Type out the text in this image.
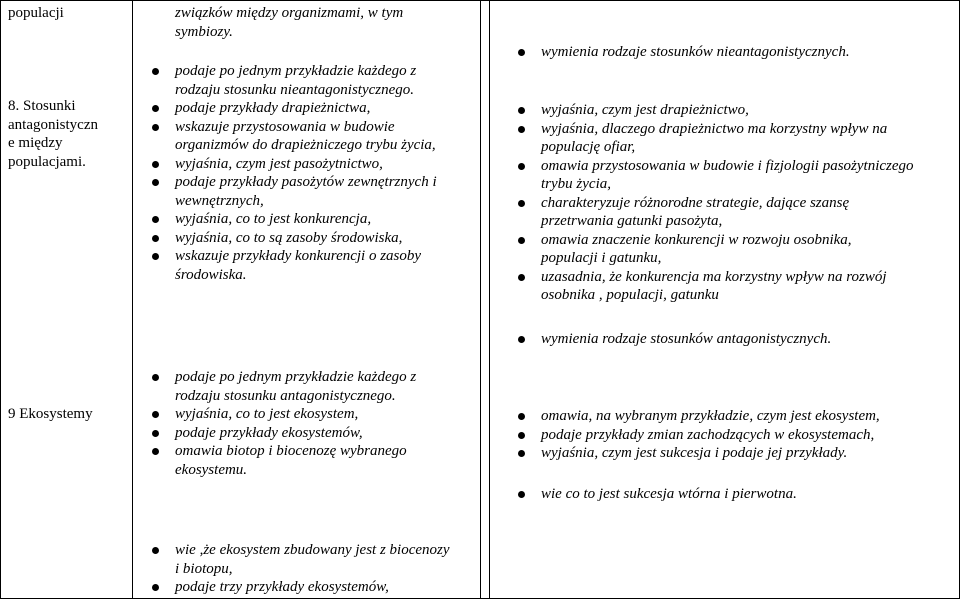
populacji
8. Stosunki
antagonistyczn
e między
populacjami.
9 Ekosystemy
związków między organizmami, w tym
symbiozy.
podaje po jednym przykładzie każdego z
rodzaju stosunku nieantagonistycznego.
podaje przykłady drapieżnictwa,
wskazuje przystosowania w budowie
organizmów do drapieżniczego trybu życia,
wyjaśnia, czym jest pasożytnictwo,
podaje przykłady pasożytów zewnętrznych i
wewnętrznych,
wyjaśnia, co to jest konkurencja,
wyjaśnia, co to są zasoby środowiska,
wskazuje przykłady konkurencji o zasoby
środowiska.
podaje po jednym przykładzie każdego z
rodzaju stosunku antagonistycznego.
wyjaśnia, co to jest ekosystem,
podaje przykłady ekosystemów,
omawia biotop i biocenozę wybranego
ekosystemu.
wie ,że ekosystem zbudowany jest z biocenozy
i biotopu,
podaje trzy przykłady ekosystemów,
wymienia rodzaje stosunków nieantagonistycznych.
wyjaśnia, czym jest drapieżnictwo,
wyjaśnia, dlaczego drapieżnictwo ma korzystny wpływ na
populację ofiar,
omawia przystosowania w budowie i fizjologii pasożytniczego
trybu życia,
charakteryzuje różnorodne strategie, dające szansę
przetrwania gatunki pasożyta,
omawia znaczenie konkurencji w rozwoju osobnika,
populacji i gatunku,
uzasadnia, że konkurencja ma korzystny wpływ na rozwój
osobnika , populacji, gatunku
wymienia rodzaje stosunków antagonistycznych.
omawia, na wybranym przykładzie, czym jest ekosystem,
podaje przykłady zmian zachodzących w ekosystemach,
wyjaśnia, czym jest sukcesja i podaje jej przykłady.
wie co to jest sukcesja wtórna i pierwotna.
